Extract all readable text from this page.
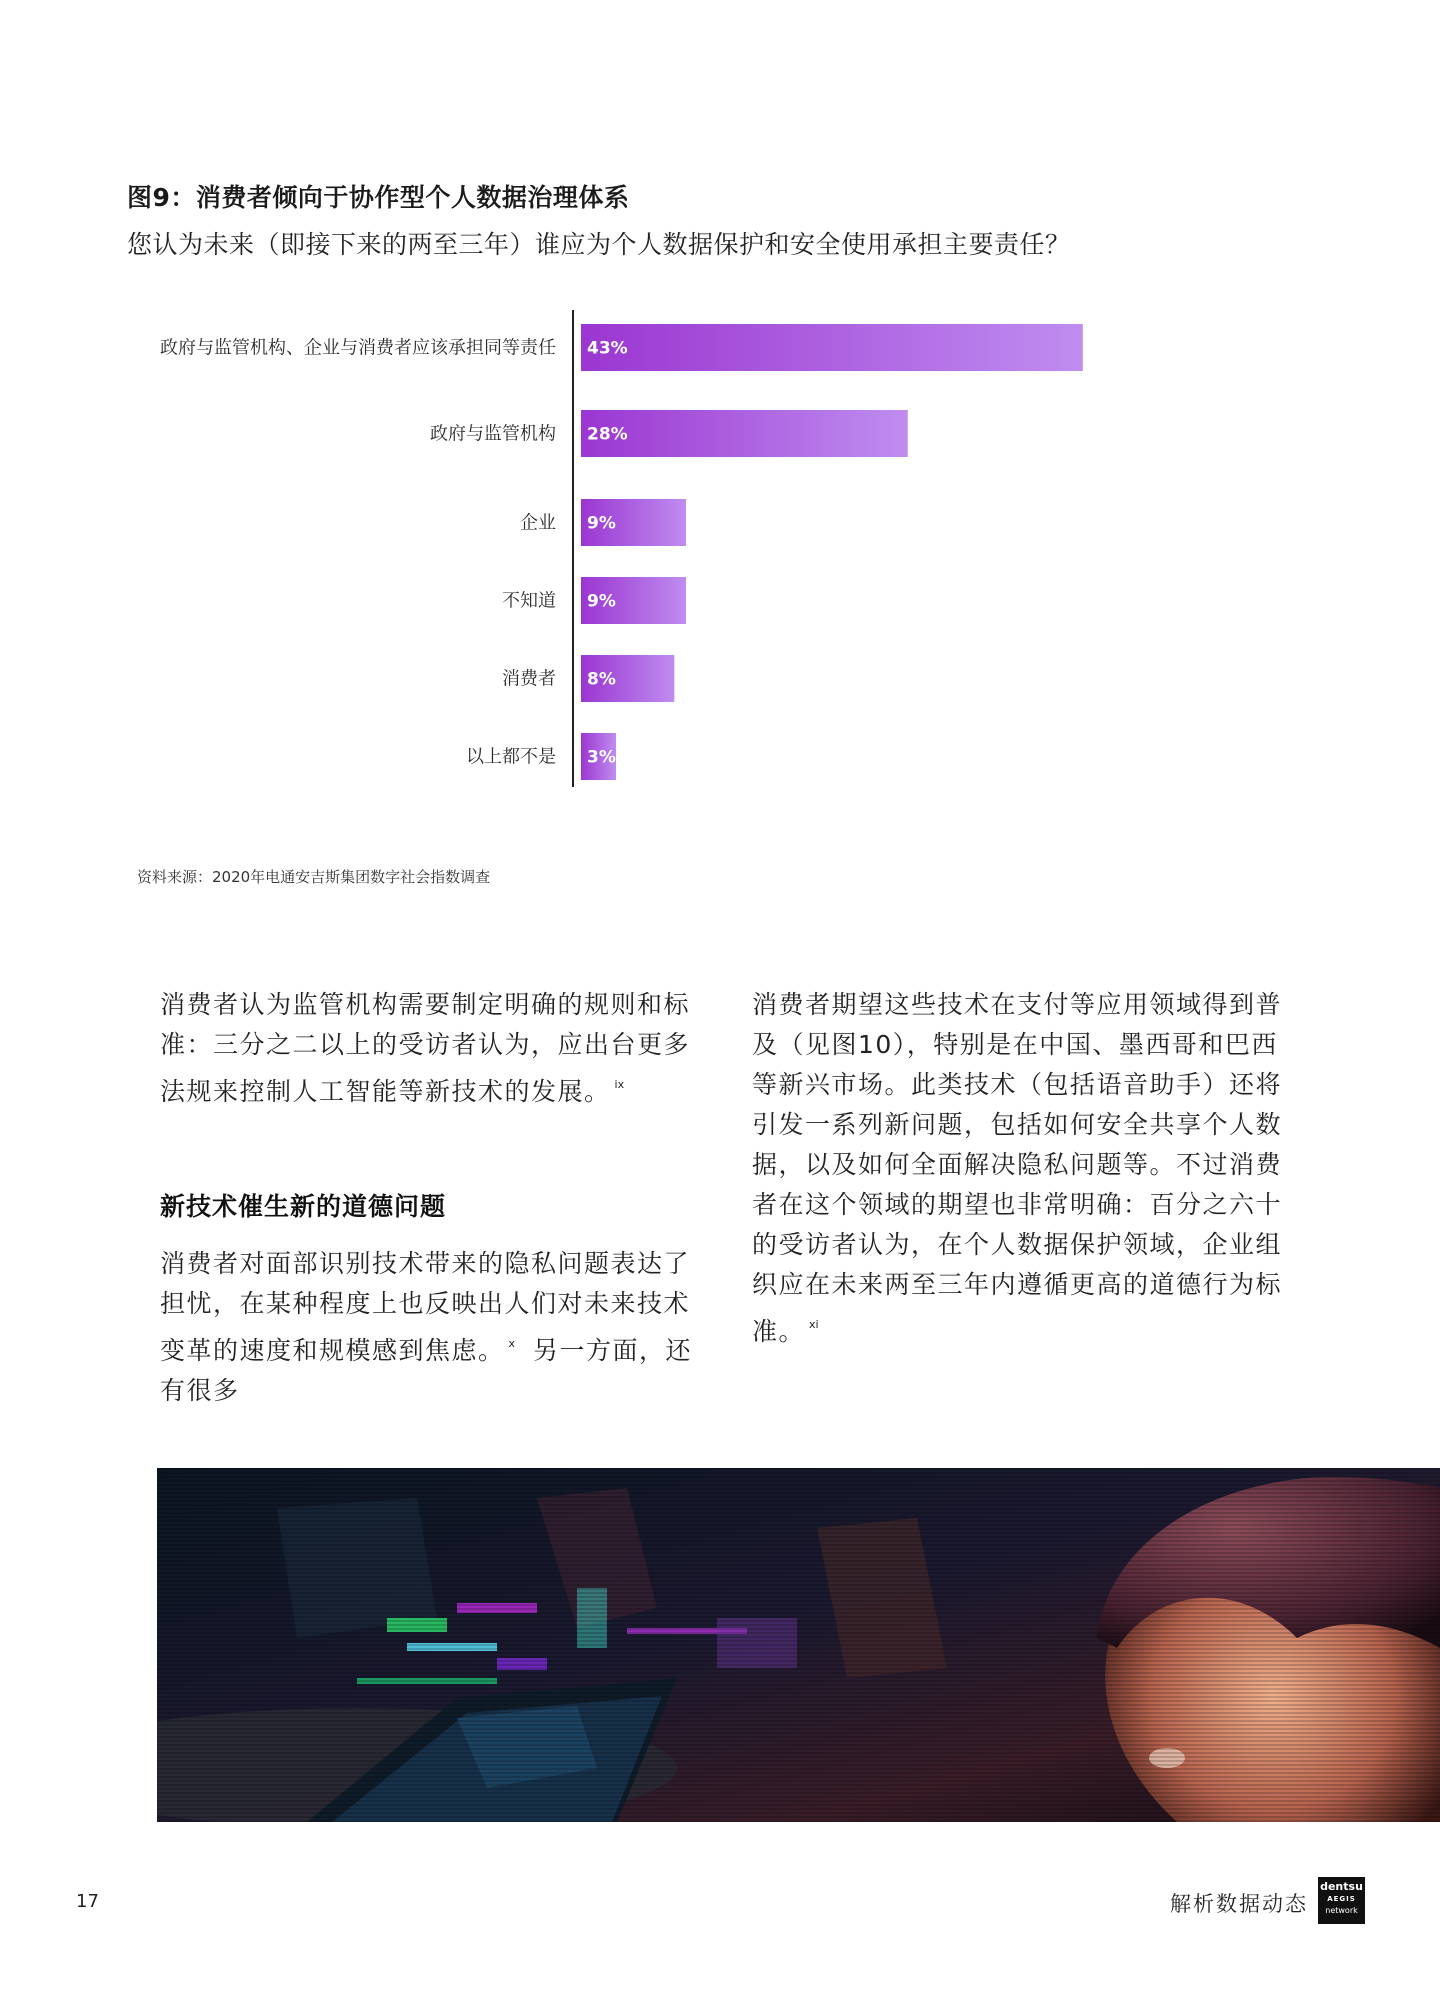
图9：消费者倾向于协作型个人数据治理体系
您认为未来（即接下来的两至三年）谁应为个人数据保护和安全使用承担主要责任？
43%
政府与监管机构、企业与消费者应该承担同等责任
28%
政府与监管机构
9%
企业
9%
不知道
8%
消费者
3%
以上都不是
资料来源：2020年电通安吉斯集团数字社会指数调查

消费者认为监管机构需要制定明确的规则和标准：三分之二以上的受访者认为，应出台更多法规来控制人工智能等新技术的发展。 $^{ix}$

新技术催生新的道德问题

消费者对面部识别技术带来的隐私问题表达了担忧，在某种程度上也反映出人们对未来技术变革的速度和规模感到焦虑。 $^x$ 另一方面，还有很多

消费者期望这些技术在支付等应用领域得到普及（见图10），特别是在中国、墨西哥和巴西等新兴市场。此类技术（包括语音助手）还将引发一系列新问题，包括如何安全共享个人数据，以及如何全面解决隐私问题等。不过消费者在这个领域的期望也非常明确：百分之六十的受访者认为，在个人数据保护领域，企业组织应在未来两至三年内遵循更高的道德行为标准。 $^{xi}$

17	解析数据动态
dentsu
AEGIS
network
